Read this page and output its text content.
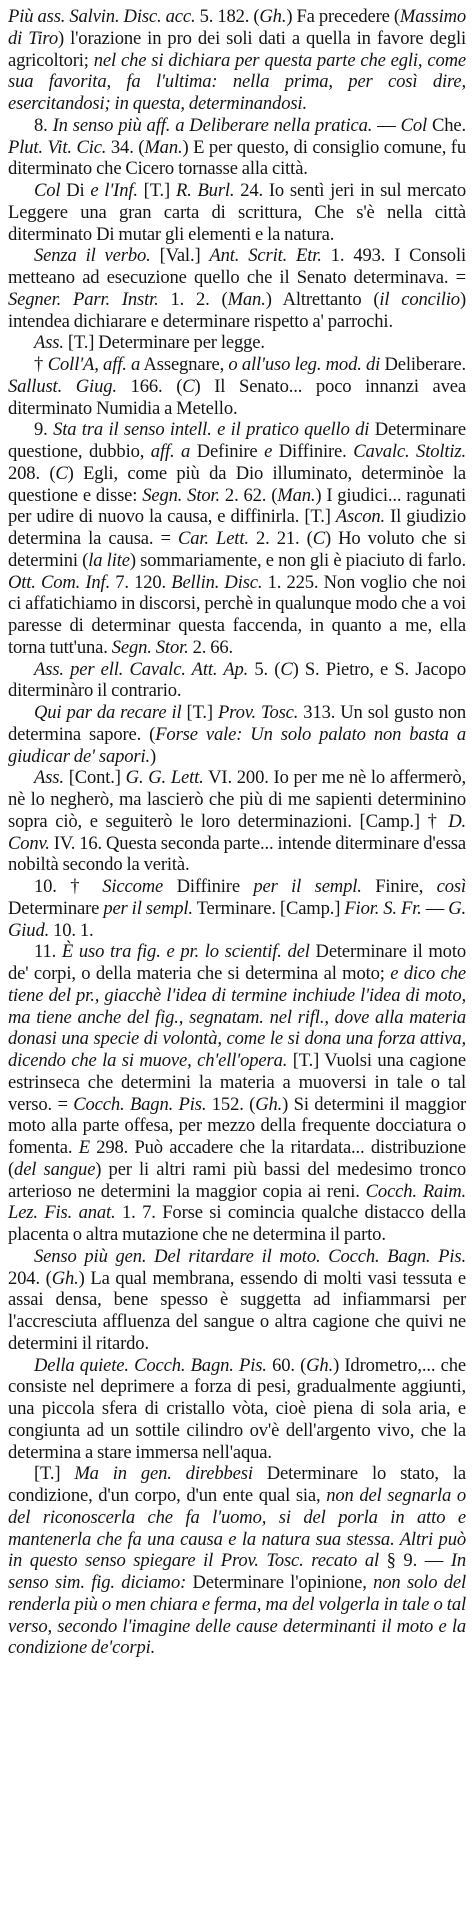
Più ass. Salvin. Disc. acc. 5. 182. (Gh.) Fa precedere (Massimo di Tiro) l'orazione in pro dei soli dati a quella in favore degli agricoltori; nel che si dichiara per questa parte che egli, come sua favorita, fa l'ultima: nella prima, per così dire, esercitandosi; in questa, determinandosi.

8. In senso più aff. a Deliberare nella pratica. — Col Che. Plut. Vit. Cic. 34. (Man.) E per questo, di consiglio comune, fu diterminato che Cicero tornasse alla città.

Col Di e l'Inf. [T.] R. Burl. 24. Io sentì jeri in sul mercato Leggere una gran carta di scrittura, Che s'è nella città diterminato Di mutar gli elementi e la natura.

Senza il verbo. [Val.] Ant. Scrit. Etr. 1. 493. I Consoli metteano ad esecuzione quello che il Senato determinava. = Segner. Parr. Instr. 1. 2. (Man.) Altrettanto (il concilio) intendea dichiarare e determinare rispetto a' parrochi.

Ass. [T.] Determinare per legge.

† Coll'A, aff. a Assegnare, o all'uso leg. mod. di Deliberare. Sallust. Giug. 166. (C) Il Senato... poco innanzi avea diterminato Numidia a Metello.

9. Sta tra il senso intell. e il pratico quello di Determinare questione, dubbio, aff. a Definire e Diffinire. Cavalc. Stoltiz. 208. (C) Egli, come più da Dio illuminato, determinòe la questione e disse: Segn. Stor. 2. 62. (Man.) I giudici... ragunati per udire di nuovo la causa, e diffinirla. [T.] Ascon. Il giudizio determina la causa. = Car. Lett. 2. 21. (C) Ho voluto che si determini (la lite) sommariamente, e non gli è piaciuto di farlo. Ott. Com. Inf. 7. 120. Bellin. Disc. 1. 225. Non voglio che noi ci affatichiamo in discorsi, perchè in qualunque modo che a voi paresse di determinar questa faccenda, in quanto a me, ella torna tutt'una. Segn. Stor. 2. 66.

Ass. per ell. Cavalc. Att. Ap. 5. (C) S. Pietro, e S. Jacopo diterminàro il contrario.

Qui par da recare il [T.] Prov. Tosc. 313. Un sol gusto non determina sapore. (Forse vale: Un solo palato non basta a giudicar de' sapori.)

Ass. [Cont.] G. G. Lett. VI. 200. Io per me nè lo affermerò, nè lo negherò, ma lascierò che più di me sapienti determinino sopra ciò, e seguiterò le loro determinazioni. [Camp.] † D. Conv. IV. 16. Questa seconda parte... intende diterminare d'essa nobiltà secondo la verità.

10. † Siccome Diffinire per il sempl. Finire, così Determinare per il sempl. Terminare. [Camp.] Fior. S. Fr. — G. Giud. 10. 1.

11. È uso tra fig. e pr. lo scientif. del Determinare il moto de' corpi, o della materia che si determina al moto; e dico che tiene del pr., giacchè l'idea di termine inchiude l'idea di moto, ma tiene anche del fig., segnatam. nel rifl., dove alla materia donasi una specie di volontà, come le si dona una forza attiva, dicendo che la si muove, ch'ell'opera. [T.] Vuolsi una cagione estrinseca che determini la materia a muoversi in tale o tal verso. = Cocch. Bagn. Pis. 152. (Gh.) Si determini il maggior moto alla parte offesa, per mezzo della frequente docciatura o fomenta. E 298. Può accadere che la ritardata... distribuzione (del sangue) per li altri rami più bassi del medesimo tronco arterioso ne determini la maggior copia ai reni. Cocch. Raim. Lez. Fis. anat. 1. 7. Forse si comincia qualche distacco della placenta o altra mutazione che ne determina il parto.

Senso più gen. Del ritardare il moto. Cocch. Bagn. Pis. 204. (Gh.) La qual membrana, essendo di molti vasi tessuta e assai densa, bene spesso è suggetta ad infiammarsi per l'accresciuta affluenza del sangue o altra cagione che quivi ne determini il ritardo.

Della quiete. Cocch. Bagn. Pis. 60. (Gh.) Idrometro,... che consiste nel deprimere a forza di pesi, gradualmente aggiunti, una piccola sfera di cristallo vòta, cioè piena di sola aria, e congiunta ad un sottile cilindro ov'è dell'argento vivo, che la determina a stare immersa nell'aqua.

[T.] Ma in gen. direbbesi Determinare lo stato, la condizione, d'un corpo, d'un ente qual sia, non del segnarla o del riconoscerla che fa l'uomo, si del porla in atto e mantenerla che fa una causa e la natura sua stessa. Altri può in questo senso spiegare il Prov. Tosc. recato al § 9. — In senso sim. fig. diciamo: Determinare l'opinione, non solo del renderla più o men chiara e ferma, ma del volgerla in tale o tal verso, secondo l'imagine delle cause determinanti il moto e la condizione de'corpi.
